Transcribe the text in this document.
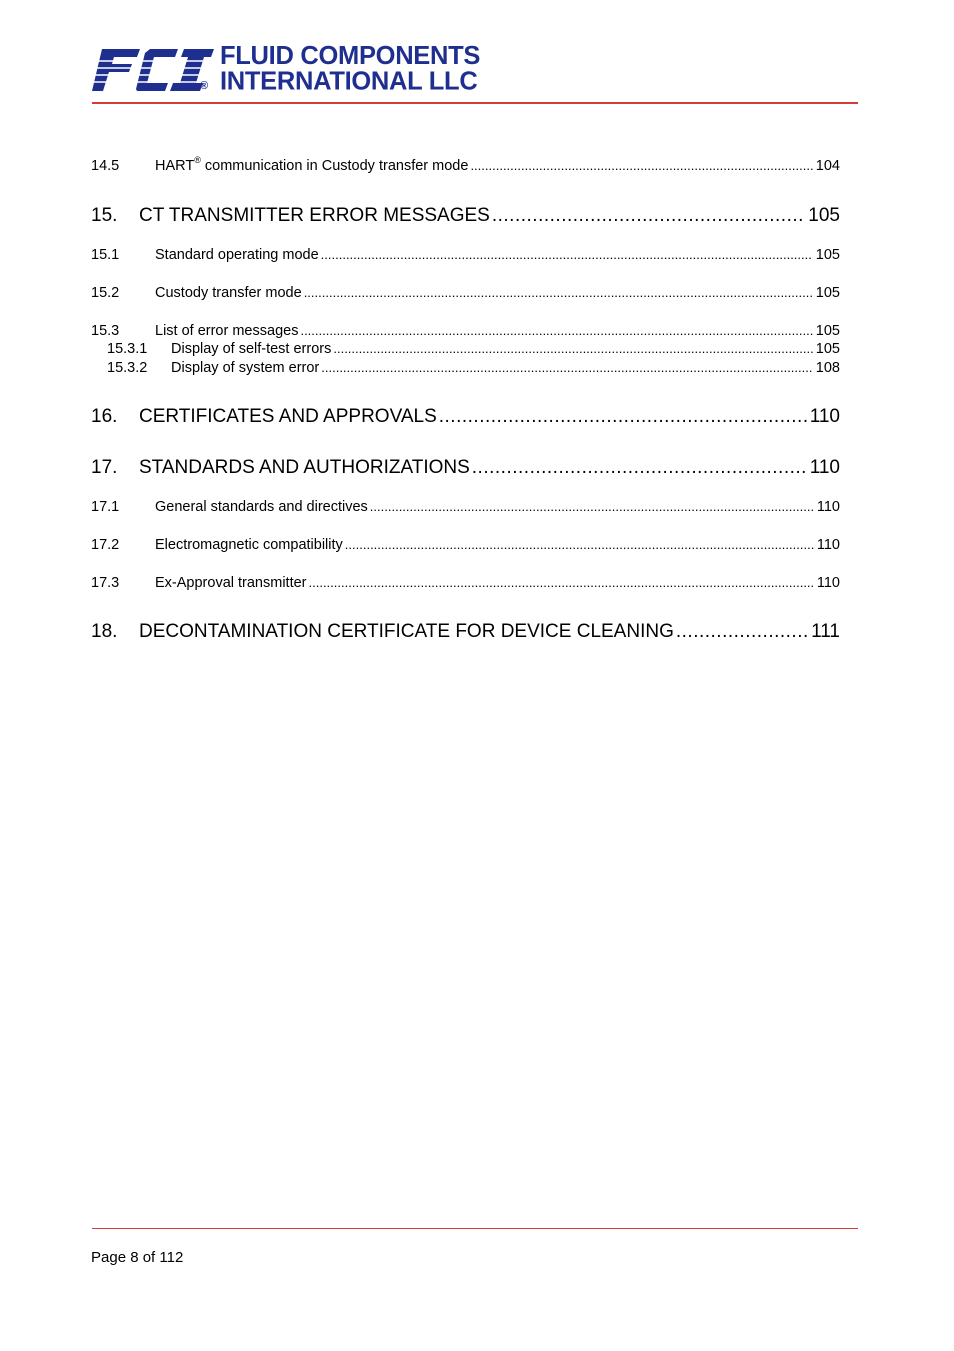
®
FLUID COMPONENTS
INTERNATIONAL LLC
14.5	HART® communication in Custody transfer mode .....	104
15.	CT TRANSMITTER ERROR MESSAGES .....	105
15.1	Standard operating mode .....	105
15.2	Custody transfer mode .....	105
15.3	List of error messages .....	105
15.3.1	Display of self-test errors .....	105
15.3.2	Display of system error .....	108
16.	CERTIFICATES AND APPROVALS .....	110
17.	STANDARDS AND AUTHORIZATIONS .....	110
17.1	General standards and directives .....	110
17.2	Electromagnetic compatibility .....	110
17.3	Ex-Approval transmitter .....	110
18.	DECONTAMINATION CERTIFICATE FOR DEVICE CLEANING .....	111
Page 8 of 112
